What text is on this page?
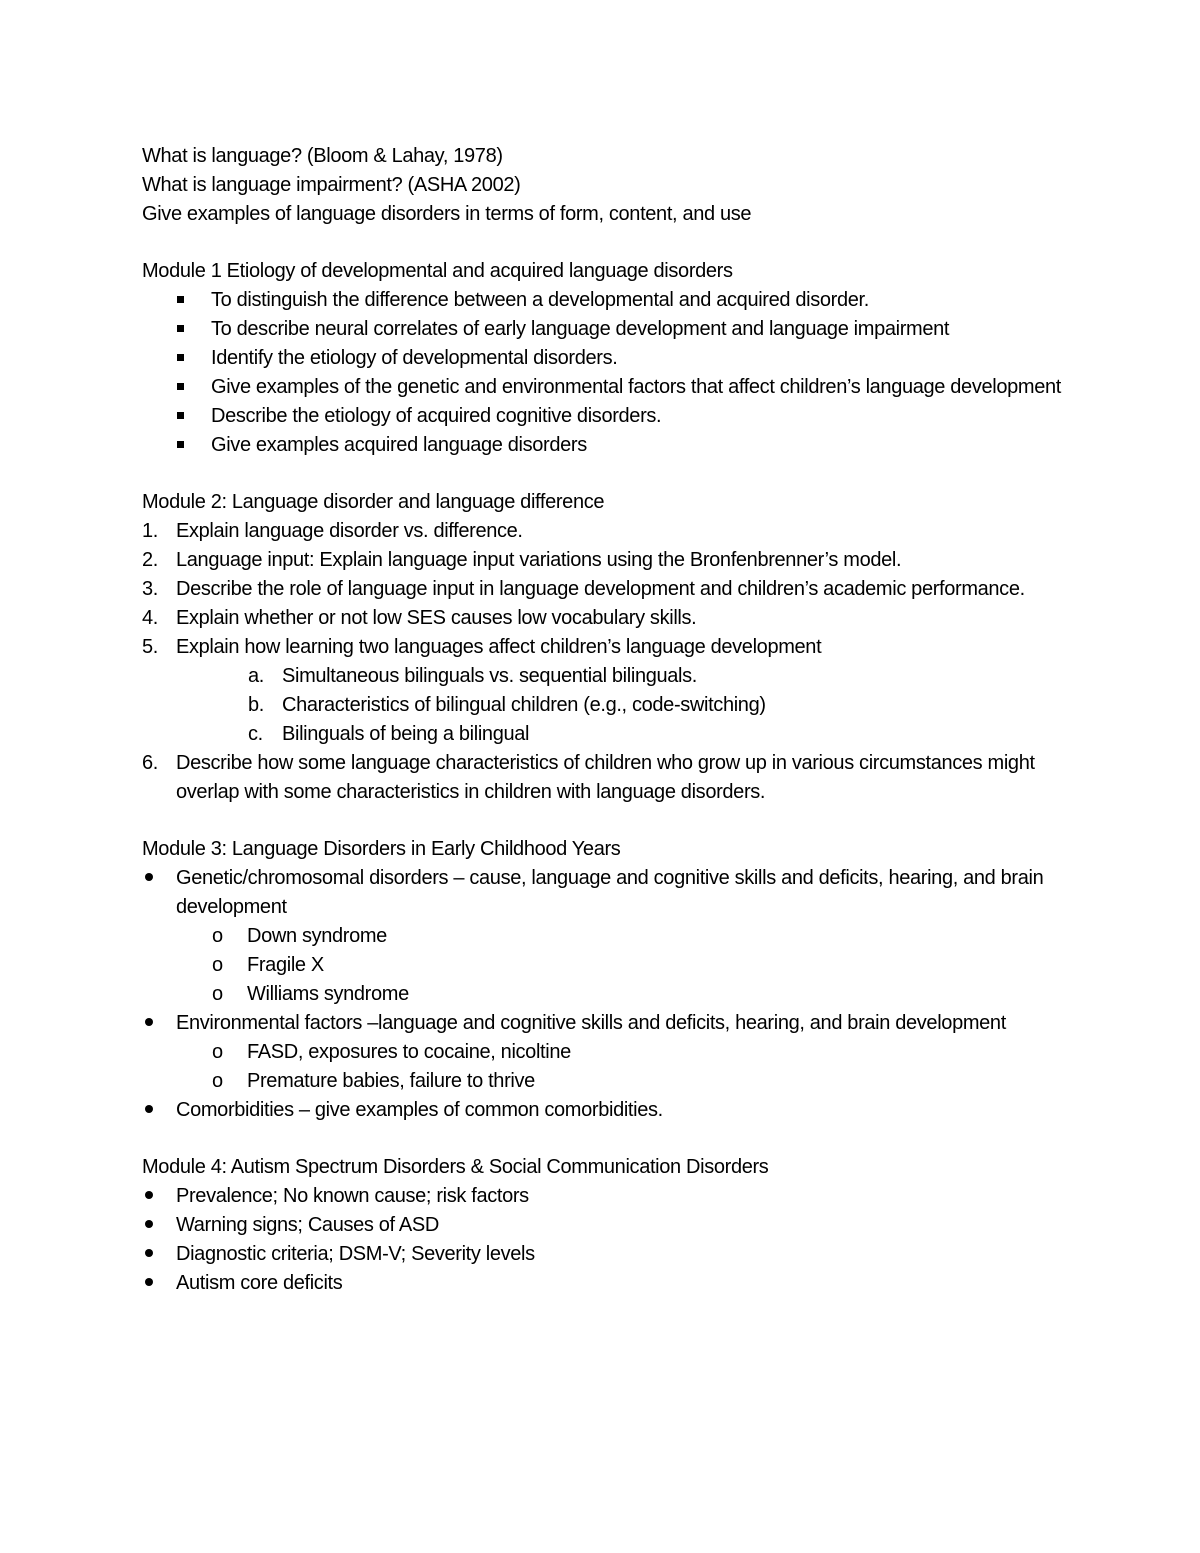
What is language? (Bloom & Lahay, 1978)
What is language impairment? (ASHA 2002)
Give examples of language disorders in terms of form, content, and use
Module 1 Etiology of developmental and acquired language disorders
To distinguish the difference between a developmental and acquired disorder.
To describe neural correlates of early language development and language impairment
Identify the etiology of developmental disorders.
Give examples of the genetic and environmental factors that affect children’s language development
Describe the etiology of acquired cognitive disorders.
Give examples acquired language disorders
Module 2: Language disorder and language difference
1. Explain language disorder vs. difference.
2. Language input: Explain language input variations using the Bronfenbrenner’s model.
3. Describe the role of language input in language development and children’s academic performance.
4. Explain whether or not low SES causes low vocabulary skills.
5. Explain how learning two languages affect children’s language development
a. Simultaneous bilinguals vs. sequential bilinguals.
b. Characteristics of bilingual children (e.g., code-switching)
c. Bilinguals of being a bilingual
6. Describe how some language characteristics of children who grow up in various circumstances might overlap with some characteristics in children with language disorders.
Module 3: Language Disorders in Early Childhood Years
Genetic/chromosomal disorders – cause, language and cognitive skills and deficits, hearing, and brain development
o	Down syndrome
o	Fragile X
o	Williams syndrome
Environmental factors –language and cognitive skills and deficits, hearing, and brain development
o	FASD, exposures to cocaine, nicoltine
o	Premature babies, failure to thrive
Comorbidities – give examples of common comorbidities.
Module 4: Autism Spectrum Disorders & Social Communication Disorders
Prevalence; No known cause; risk factors
Warning signs; Causes of ASD
Diagnostic criteria; DSM-V; Severity levels
Autism core deficits
